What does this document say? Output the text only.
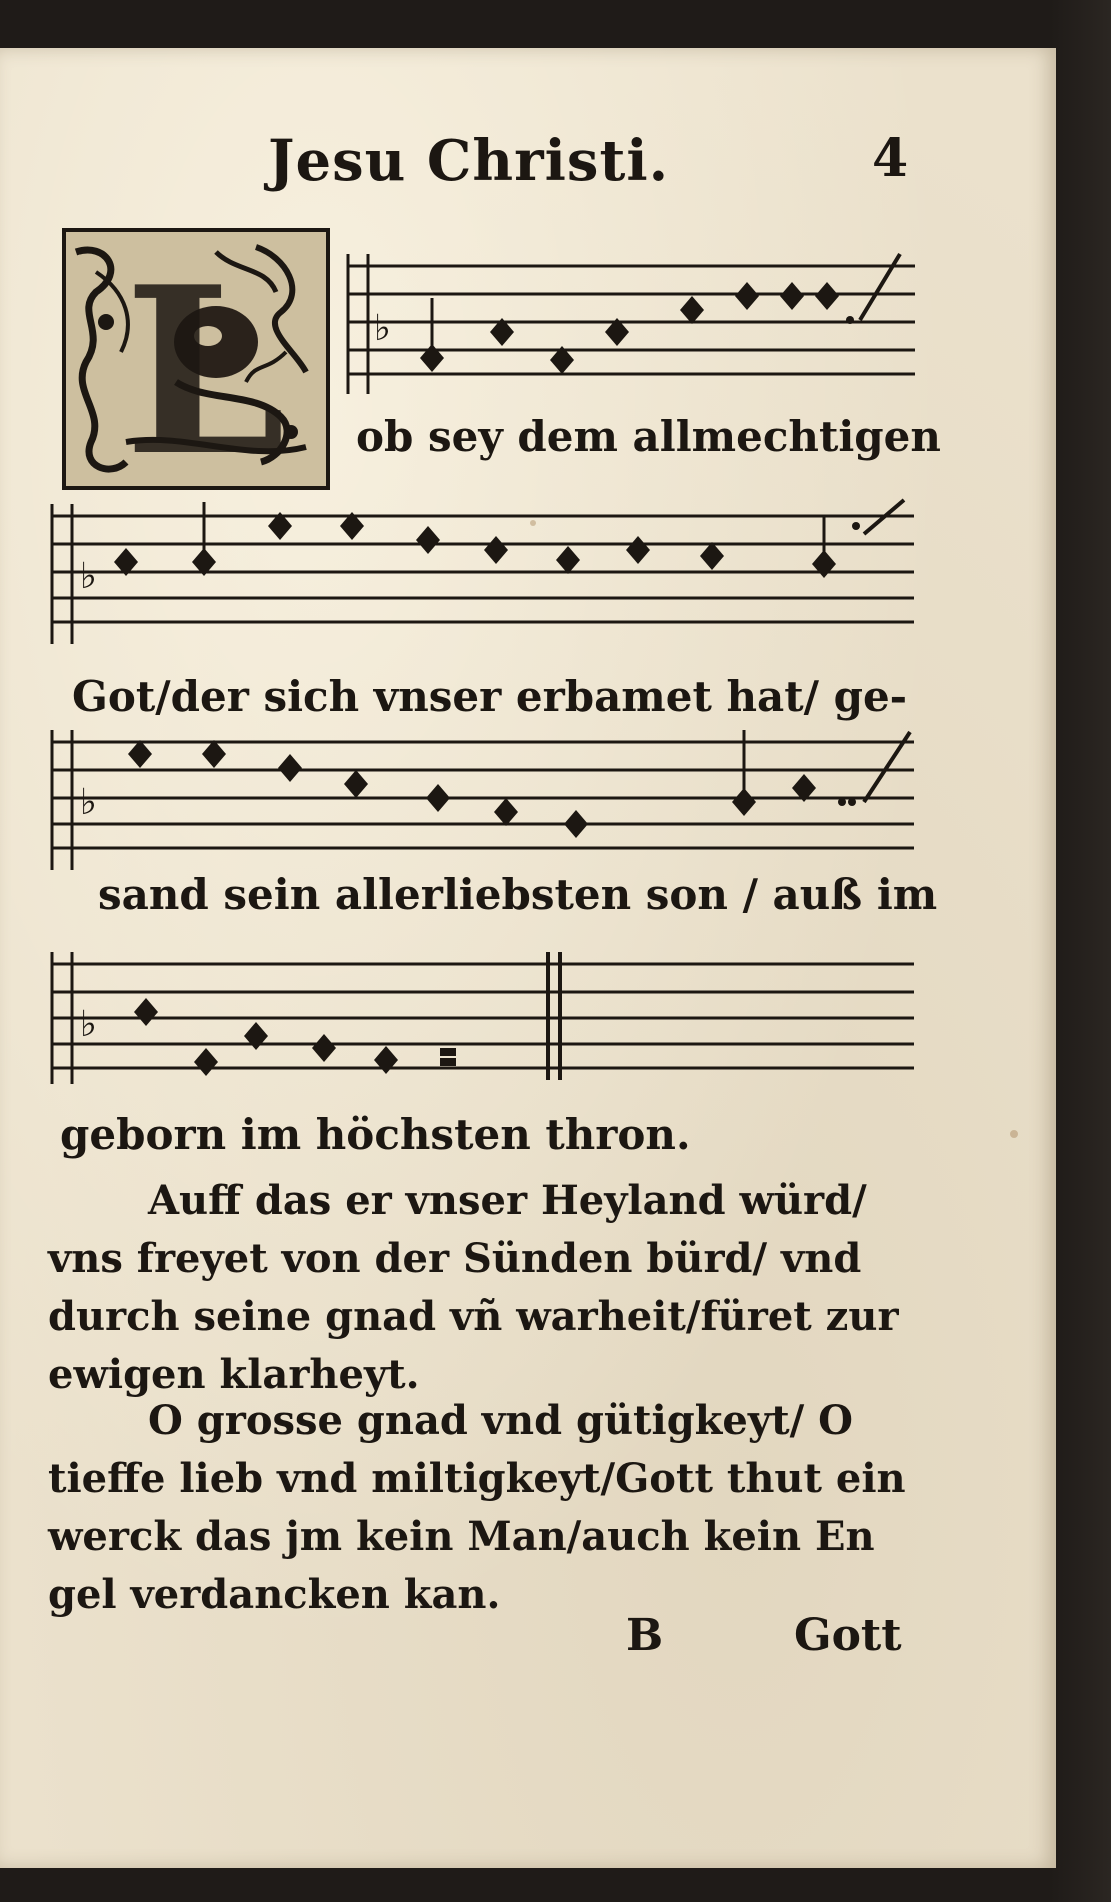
Jesu Christi.	4
L ♭
ob sey dem allmechtigen
♭
Got/der sich vnser erbamet hat/ ge-
♭
sand sein allerliebsten son / auß im
♭
geborn im höchsten thron.
Auff das er vnser Heyland würd/
vns freyet von der Sünden bürd/ vnd
durch seine gnad vñ warheit/füret zur
ewigen klarheyt.
O grosse gnad vnd gütigkeyt/ O
tieffe lieb vnd miltigkeyt/Gott thut ein
werck das jm kein Man/auch kein En
gel verdancken kan.
B	Gott
